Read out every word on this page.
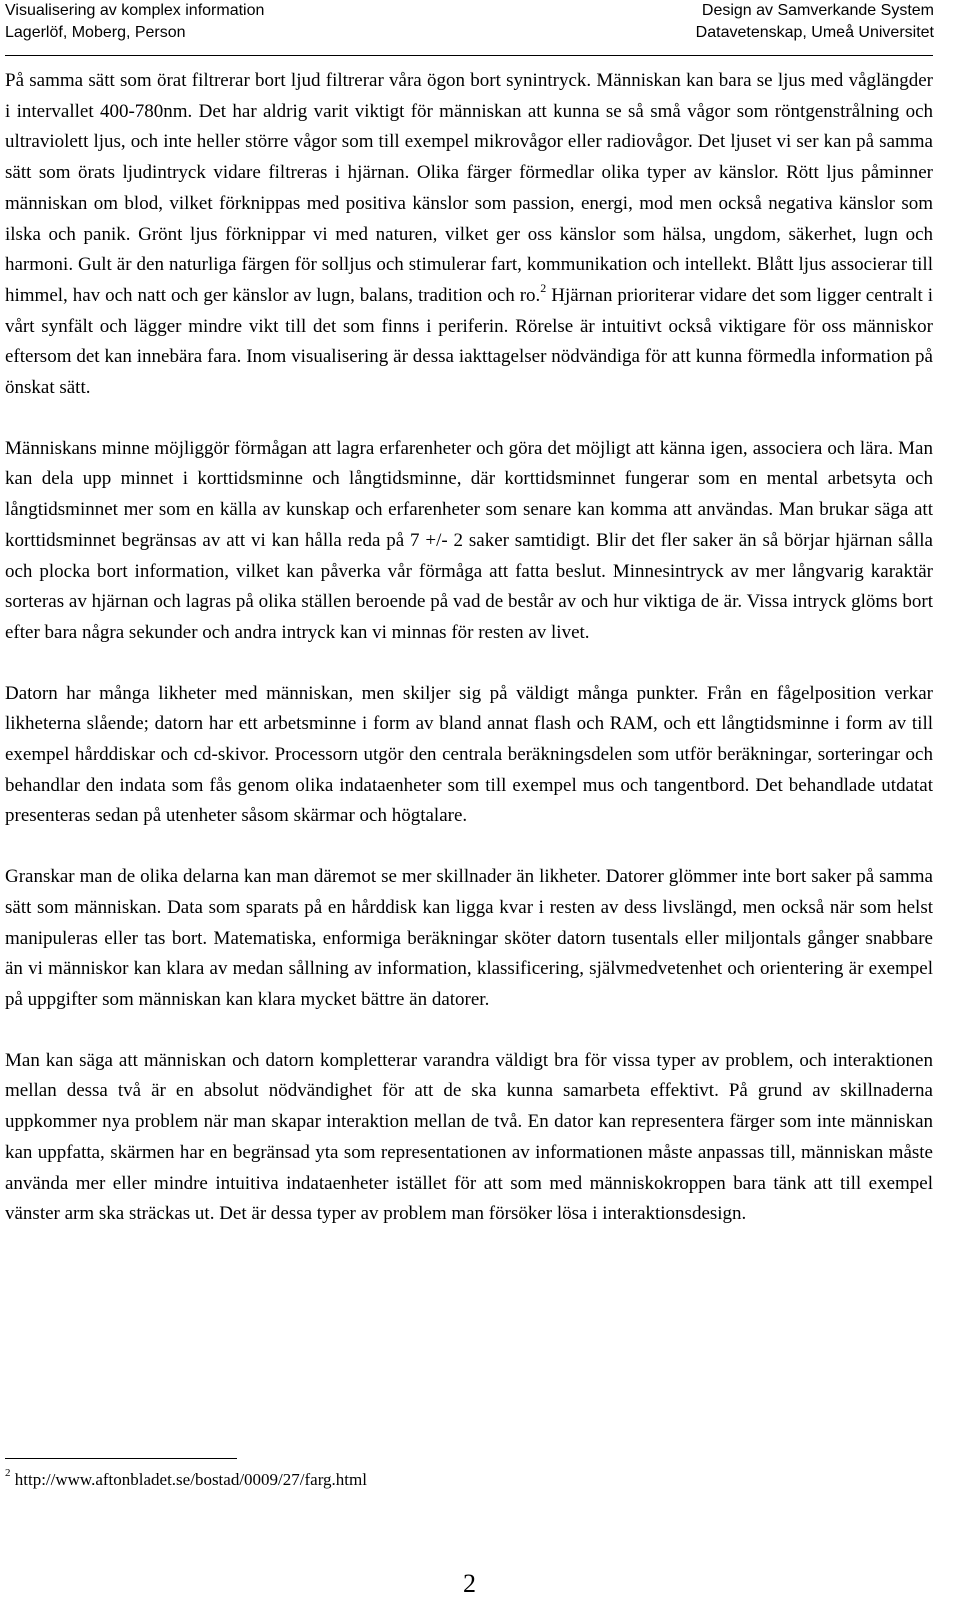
Visualisering av komplex information
Lagerlöf, Moberg, Person
Design av Samverkande System
Datavetenskap, Umeå Universitet

På samma sätt som örat filtrerar bort ljud filtrerar våra ögon bort synintryck. Människan kan bara se ljus med våglängder i intervallet 400-780nm. Det har aldrig varit viktigt för människan att kunna se så små vågor som röntgenstrålning och ultraviolett ljus, och inte heller större vågor som till exempel mikrovågor eller radiovågor. Det ljuset vi ser kan på samma sätt som örats ljudintryck vidare filtreras i hjärnan. Olika färger förmedlar olika typer av känslor. Rött ljus påminner människan om blod, vilket förknippas med positiva känslor som passion, energi, mod men också negativa känslor som ilska och panik. Grönt ljus förknippar vi med naturen, vilket ger oss känslor som hälsa, ungdom, säkerhet, lugn och harmoni. Gult är den naturliga färgen för solljus och stimulerar fart, kommunikation och intellekt. Blått ljus associerar till himmel, hav och natt och ger känslor av lugn, balans, tradition och ro.$^2$ Hjärnan prioriterar vidare det som ligger centralt i vårt synfält och lägger mindre vikt till det som finns i periferin. Rörelse är intuitivt också viktigare för oss människor eftersom det kan innebära fara. Inom visualisering är dessa iakttagelser nödvändiga för att kunna förmedla information på önskat sätt.

Människans minne möjliggör förmågan att lagra erfarenheter och göra det möjligt att känna igen, associera och lära. Man kan dela upp minnet i korttidsminne och långtidsminne, där korttidsminnet fungerar som en mental arbetsyta och långtidsminnet mer som en källa av kunskap och erfarenheter som senare kan komma att användas. Man brukar säga att korttidsminnet begränsas av att vi kan hålla reda på 7 +/- 2 saker samtidigt. Blir det fler saker än så börjar hjärnan sålla och plocka bort information, vilket kan påverka vår förmåga att fatta beslut. Minnesintryck av mer långvarig karaktär sorteras av hjärnan och lagras på olika ställen beroende på vad de består av och hur viktiga de är. Vissa intryck glöms bort efter bara några sekunder och andra intryck kan vi minnas för resten av livet.

Datorn har många likheter med människan, men skiljer sig på väldigt många punkter. Från en fågelposition verkar likheterna slående; datorn har ett arbetsminne i form av bland annat flash och RAM, och ett långtidsminne i form av till exempel hårddiskar och cd-skivor. Processorn utgör den centrala beräkningsdelen som utför beräkningar, sorteringar och behandlar den indata som fås genom olika indataenheter som till exempel mus och tangentbord. Det behandlade utdatat presenteras sedan på utenheter såsom skärmar och högtalare.

Granskar man de olika delarna kan man däremot se mer skillnader än likheter. Datorer glömmer inte bort saker på samma sätt som människan. Data som sparats på en hårddisk kan ligga kvar i resten av dess livslängd, men också när som helst manipuleras eller tas bort. Matematiska, enformiga beräkningar sköter datorn tusentals eller miljontals gånger snabbare än vi människor kan klara av medan sållning av information, klassificering, självmedvetenhet och orientering är exempel på uppgifter som människan kan klara mycket bättre än datorer.

Man kan säga att människan och datorn kompletterar varandra väldigt bra för vissa typer av problem, och interaktionen mellan dessa två är en absolut nödvändighet för att de ska kunna samarbeta effektivt. På grund av skillnaderna uppkommer nya problem när man skapar interaktion mellan de två. En dator kan representera färger som inte människan kan uppfatta, skärmen har en begränsad yta som representationen av informationen måste anpassas till, människan måste använda mer eller mindre intuitiva indataenheter istället för att som med människokroppen bara tänk att till exempel vänster arm ska sträckas ut. Det är dessa typer av problem man försöker lösa i interaktionsdesign.

$^2$ http://www.aftonbladet.se/bostad/0009/27/farg.html
2
